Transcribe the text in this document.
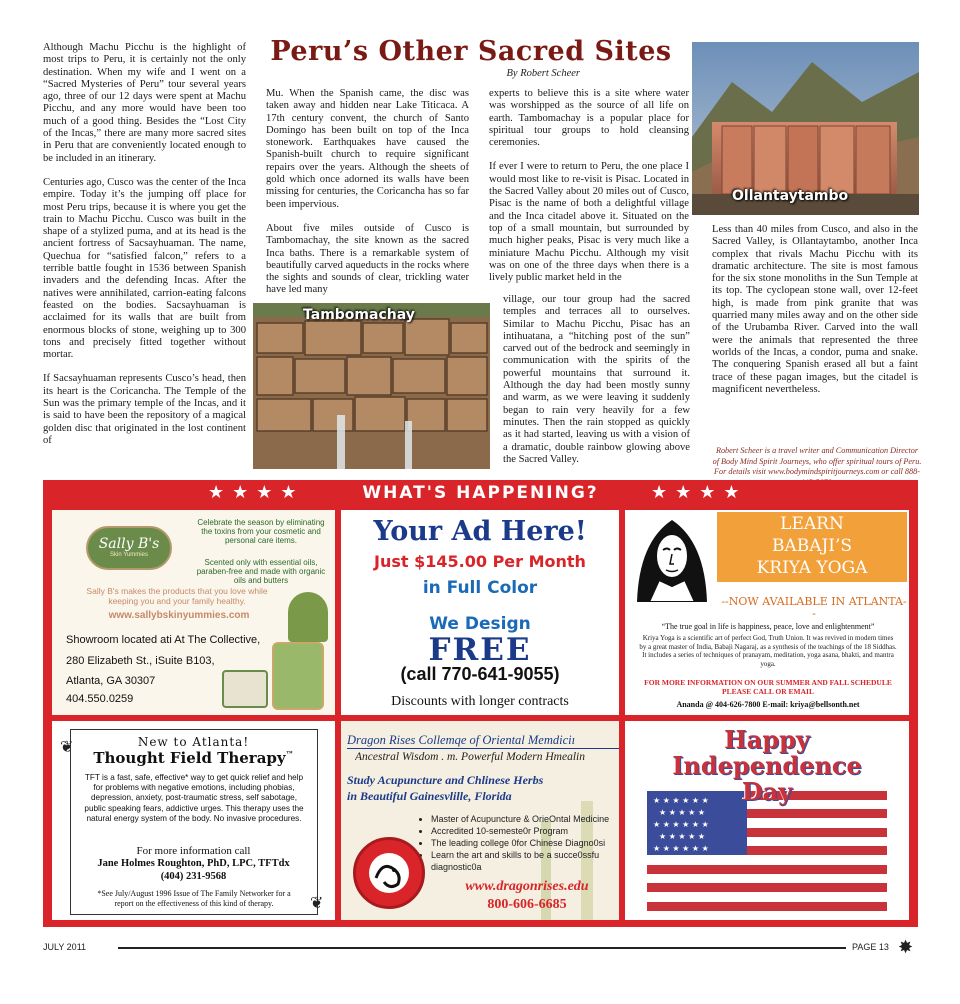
Although Machu Picchu is the highlight of most trips to Peru, it is certainly not the only destination. When my wife and I went on a “Sacred Mysteries of Peru” tour several years ago, three of our 12 days were spent at Machu Picchu, and any more would have been too much of a good thing. Besides the “Lost City of the Incas,” there are many more sacred sites in Peru that are conveniently located enough to be included in an itinerary.

Centuries ago, Cusco was the center of the Inca empire. Today it’s the jumping off place for most Peru trips, because it is where you get the train to Machu Picchu. Cusco was built in the shape of a stylized puma, and at its head is the ancient fortress of Sacsayhuaman. The name, Quechua for “satisfied falcon,” refers to a terrible battle fought in 1536 between Spanish invaders and the defending Incas. After the natives were annihilated, carrion-eating falcons feasted on the bodies. Sacsayhuaman is acclaimed for its walls that are built from enormous blocks of stone, weighing up to 300 tons and precisely fitted together without mortar.

If Sacsayhuaman represents Cusco’s head, then its heart is the Coricancha. The Temple of the Sun was the primary temple of the Incas, and it is said to have been the repository of a magical golden disc that originated in the lost continent of

Peru’s Other Sacred Sites
By Robert Scheer

Mu. When the Spanish came, the disc was taken away and hidden near Lake Titicaca. A 17th century convent, the church of Santo Domingo has been built on top of the Inca stonework. Earthquakes have caused the Spanish-built church to require significant repairs over the years. Although the sheets of gold which once adorned its walls have been missing for centuries, the Coricancha has so far been impervious.

About five miles outside of Cusco is Tambomachay, the site known as the sacred Inca baths. There is a remarkable system of beautifully carved aqueducts in the rocks where the sights and sounds of clear, trickling water have led many

experts to believe this is a site where water was worshipped as the source of all life on earth. Tambomachay is a popular place for spiritual tour groups to hold cleansing ceremonies.

If ever I were to return to Peru, the one place I would most like to re-visit is Pisac. Located in the Sacred Valley about 20 miles out of Cusco, Pisac is the name of both a delightful village and the Inca citadel above it. Situated on the top of a small mountain, but surrounded by much higher peaks, Pisac is very much like a miniature Machu Picchu. Although my visit was on one of the three days when there is a lively public market held in the

village, our tour group had the sacred temples and terraces all to ourselves. Similar to Machu Picchu, Pisac has an intihuatana, a “hitching post of the sun” carved out of the bedrock and seemingly in communication with the spirits of the powerful mountains that surround it. Although the day had been mostly sunny and warm, as we were leaving it suddenly began to rain very heavily for a few minutes. Then the rain stopped as quickly as it had started, leaving us with a vision of a dramatic, double rainbow glowing above the Sacred Valley.

Ollantaytambo

Less than 40 miles from Cusco, and also in the Sacred Valley, is Ollantaytambo, another Inca complex that rivals Machu Picchu with its dramatic architecture. The site is most famous for the six stone monoliths in the Sun Temple at its top. The cyclopean stone wall, over 12-feet high, is made from pink granite that was quarried many miles away and on the other side of the Urubamba River. Carved into the wall were the animals that represented the three worlds of the Incas, a condor, puma and snake. The conquering Spanish erased all but a faint trace of these pagan images, but the citadel is magnificent nevertheless.

Robert Scheer is a travel writer and Communication Director of Body Mind Spirit Journeys, who offer spiritual tours of Peru. For details visit www.bodymindspiritjourneys.com or call 888-
Tambomachay
★★★★	WHAT'S HAPPENING?	★★★★
Sally B's
Skin Yummies
Celebrate the season by eliminating the toxins from your cosmetic and personal care items.
Scented only with essential oils, paraben-free and made with organic oils and butters
Sally B's makes the products that you love while keeping you and your family healthy.
www.sallybskinyummies.com
Showroom located ati At The Collective,
280 Elizabeth St., iSuite B103,
Atlanta, GA 30307
404.550.0259
Your Ad Here!
Just $145.00 Per Month
in Full Color
We Design
FREE
(call 770-641-9055)
Discounts with longer contracts
LEARN
BABAJI’S
KRIYA YOGA
--NOW AVAILABLE IN ATLANTA--
“The true goal in life is happiness, peace, love and enlightenment”
Kriya Yoga is a scientific art of perfect God, Truth Union. It was revived in modern times by a great master of India, Babaji Nagaraj, as a synthesis of the teachings of the 18 Siddhas. It includes a series of techniques of pranayam, meditation, yoga asana, bhakti, and mantra yoga.
FOR MORE INFORMATION ON OUR SUMMER AND FALL SCHEDULE PLEASE CALL OR EMAIL
Ananda @ 404-626-7800 E-mail: kriya@bellsonth.net
New to Atlanta!
Thought Field Therapy™
TFT is a fast, safe, effective* way to get quick relief and help for problems with negative emotions, including phobias, depression, anxiety, post-traumatic stress, self sabotage, public speaking fears, addictive urges. This therapy uses the natural energy system of the body. No invasive procedures.
For more information call
Jane Holmes Roughton, PhD, LPC, TFTdx
(404) 231-9568
*See July/August 1996 Issue of The Family Networker for a report on the effectiveness of this kind of therapy.
❦
❦
Dragon Rises Collemqe of Oriental Memdiciı
Ancestral Wisdom . m. Powerful Modern Hmealin
Study Acupuncture and Chlinese Herbs
in Beautiful Gainesvlille, Florida
• Master of Acupuncture & OrieOntal Medicine
• Accredited 10-semeste0r Program
• The leading college 0for Chinese Diagno0si
• Learn the art and skills to be a succe0ssfu diagnostic0a
www.dragonrises.edu
800-606-6685
★ ★ ★ ★ ★ ★
★ ★ ★ ★ ★
★ ★ ★ ★ ★ ★
★ ★ ★ ★ ★
★ ★ ★ ★ ★ ★
Happy
Independence
Day
JULY 2011	PAGE 13 ✸
